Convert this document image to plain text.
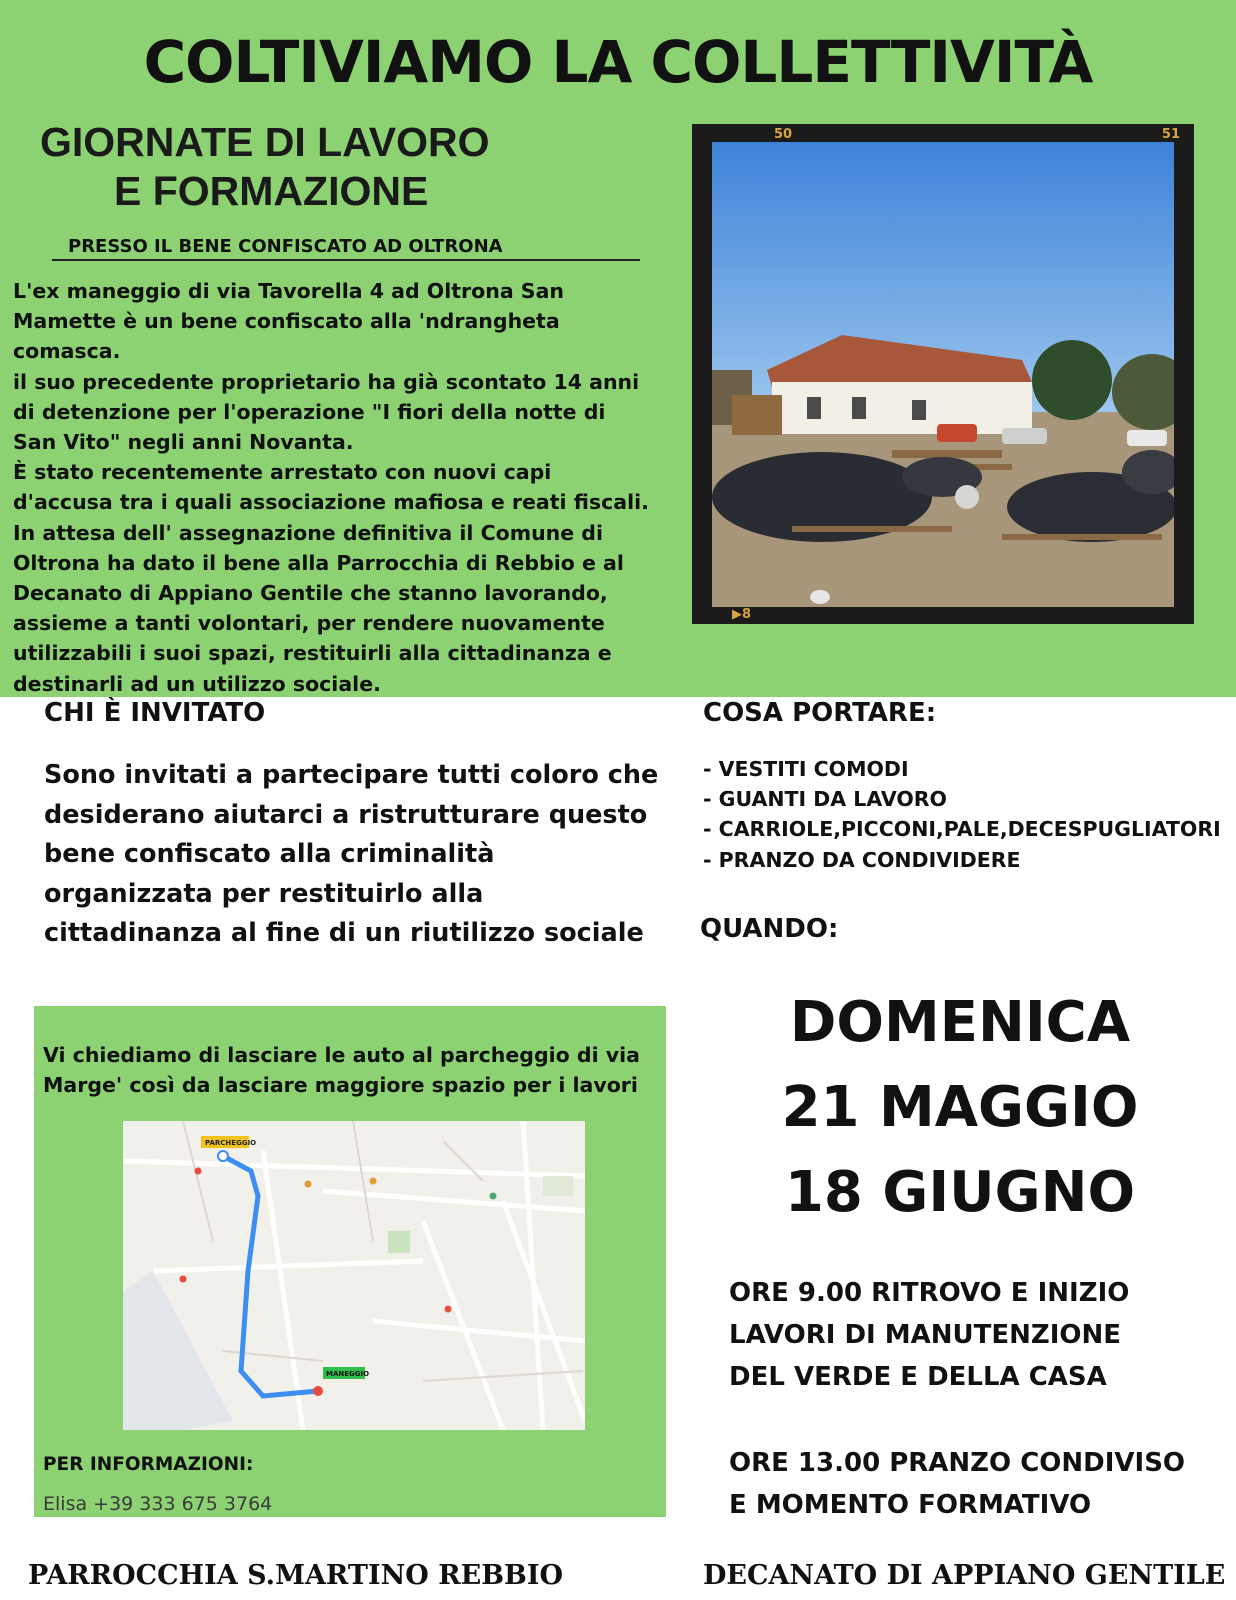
COLTIVIAMO LA COLLETTIVITÀ
GIORNATE DI LAVORO
E FORMAZIONE
PRESSO IL BENE CONFISCATO AD OLTRONA

L'ex maneggio di via Tavorella 4 ad Oltrona San Mamette è un bene confiscato alla 'ndrangheta comasca.

il suo precedente proprietario ha già scontato 14 anni di detenzione per l'operazione "I fiori della notte di San Vito" negli anni Novanta.

È stato recentemente arrestato con nuovi capi d'accusa tra i quali associazione mafiosa e reati fiscali.

In attesa dell' assegnazione definitiva il Comune di Oltrona ha dato il bene alla Parrocchia di Rebbio e al Decanato di Appiano Gentile che stanno lavorando, assieme a tanti volontari, per rendere nuovamente utilizzabili i suoi spazi, restituirli alla cittadinanza e destinarli ad un utilizzo sociale.

50	51
▶8
CHI È INVITATO

Sono invitati a partecipare tutti coloro che desiderano aiutarci a ristrutturare questo bene confiscato alla criminalità organizzata per restituirlo alla cittadinanza al fine di un riutilizzo sociale

COSA PORTARE:
- VESTITI COMODI
- GUANTI DA LAVORO
- CARRIOLE,PICCONI,PALE,DECESPUGLIATORI
- PRANZO DA CONDIVIDERE
QUANDO:
DOMENICA
21 MAGGIO
18 GIUGNO
ORE 9.00 RITROVO E INIZIO
LAVORI DI MANUTENZIONE
DEL VERDE E DELLA CASA
ORE 13.00 PRANZO CONDIVISO
E MOMENTO FORMATIVO

Vi chiediamo di lasciare le auto al parcheggio di via Marge' così da lasciare maggiore spazio per i lavori

PARCHEGGIO
MANEGGIO
PER INFORMAZIONI:
Elisa +39 333 675 3764
PARROCCHIA S.MARTINO REBBIO	DECANATO DI APPIANO GENTILE
